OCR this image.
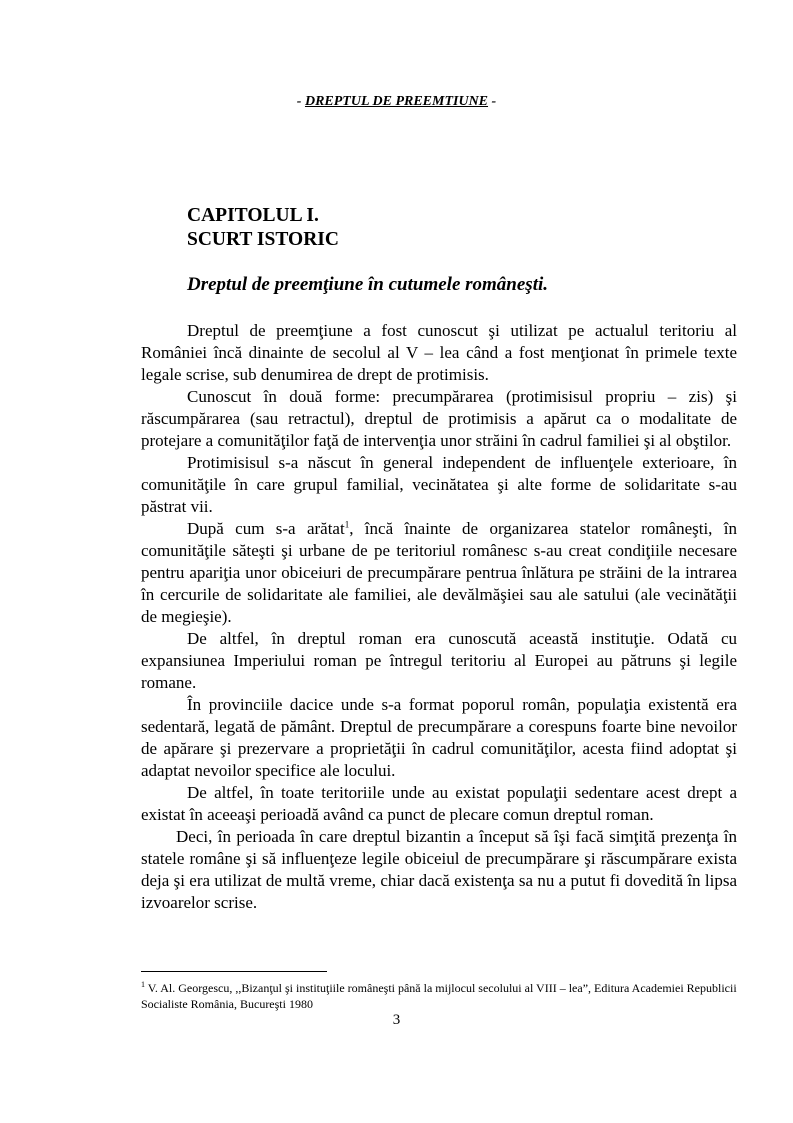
- DREPTUL DE PREEMTIUNE -
CAPITOLUL I.
SCURT ISTORIC
Dreptul de preemţiune în cutumele româneşti.

Dreptul de preemţiune a fost cunoscut şi utilizat pe actualul teritoriu al României încă dinainte de secolul al V – lea când a fost menţionat în primele texte legale scrise, sub denumirea de drept de protimisis.

Cunoscut în două forme: precumpărarea (protimisisul propriu – zis) şi răscumpărarea (sau retractul), dreptul de protimisis a apărut ca o modalitate de protejare a comunităţilor faţă de intervenţia unor străini în cadrul familiei şi al obştilor.

Protimisisul s-a născut în general independent de influenţele exterioare, în comunităţile în care grupul familial, vecinătatea şi alte forme de solidaritate s-au păstrat vii.

După cum s-a arătat$^1$, încă înainte de organizarea statelor româneşti, în comunităţile săteşti şi urbane de pe teritoriul românesc s-au creat condiţiile necesare pentru apariţia unor obiceiuri de precumpărare pentrua înlătura pe străini de la intrarea în cercurile de solidaritate ale familiei, ale devălmăşiei sau ale satului (ale vecinătăţii de megieşie).

De altfel, în dreptul roman era cunoscută această instituţie. Odată cu expansiunea Imperiului roman pe întregul teritoriu al Europei au pătruns şi legile romane.

În provinciile dacice unde s-a format poporul român, populaţia existentă era sedentară, legată de pământ. Dreptul de precumpărare a corespuns foarte bine nevoilor de apărare şi prezervare a proprietăţii în cadrul comunităţilor, acesta fiind adoptat şi adaptat nevoilor specifice ale locului.

De altfel, în toate teritoriile unde au existat populaţii sedentare acest drept a existat în aceeaşi perioadă având ca punct de plecare comun dreptul roman.

Deci, în perioada în care dreptul bizantin a început să îşi facă simţită prezenţa în statele române şi să influenţeze legile obiceiul de precumpărare şi răscumpărare exista deja şi era utilizat de multă vreme, chiar dacă existenţa sa nu a putut fi dovedită în lipsa izvoarelor scrise.

$^1$ V. Al. Georgescu, ,,Bizanţul şi instituţiile româneşti până la mijlocul secolului al VIII – lea”, Editura Academiei Republicii Socialiste România, Bucureşti 1980
3
